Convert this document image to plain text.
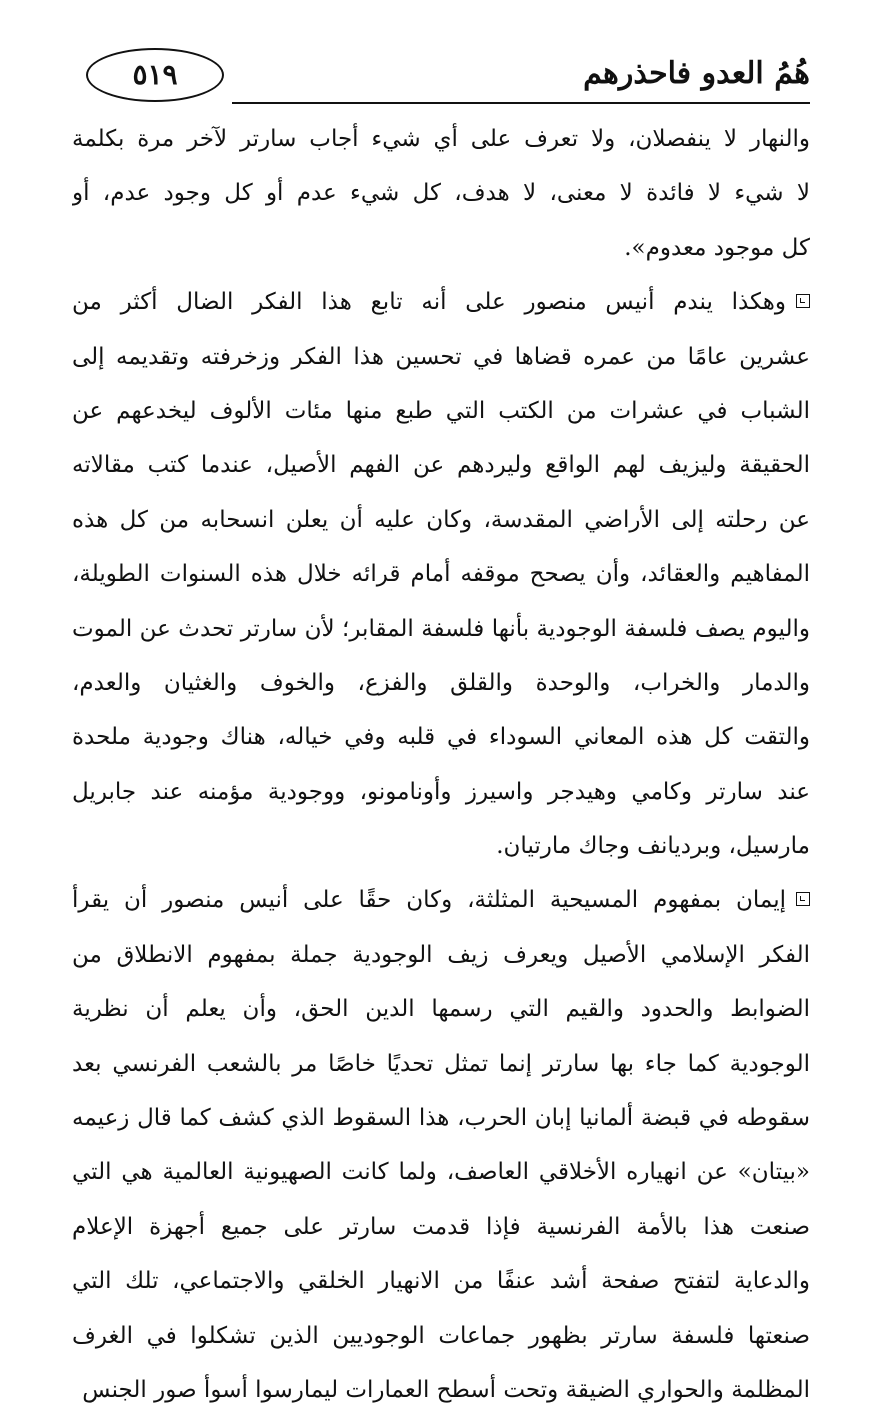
٥١٩	هُمُ العدو فاحذرهم
والنهار لا ينفصلان، ولا تعرف على أي شيء أجاب سارتر لآخر مرة بكلمة
لا شيء لا فائدة لا معنى، لا هدف، كل شيء عدم أو كل وجود عدم، أو
كل موجود معدوم».
وهكذا يندم أنيس منصور على أنه تابع هذا الفكر الضال أكثر من
عشرين عامًا من عمره قضاها في تحسين هذا الفكر وزخرفته وتقديمه إلى
الشباب في عشرات من الكتب التي طبع منها مئات الألوف ليخدعهم عن
الحقيقة وليزيف لهم الواقع وليردهم عن الفهم الأصيل، عندما كتب مقالاته
عن رحلته إلى الأراضي المقدسة، وكان عليه أن يعلن انسحابه من كل هذه
المفاهيم والعقائد، وأن يصحح موقفه أمام قرائه خلال هذه السنوات الطويلة،
واليوم يصف فلسفة الوجودية بأنها فلسفة المقابر؛ لأن سارتر تحدث عن الموت
والدمار والخراب، والوحدة والقلق والفزع، والخوف والغثيان والعدم،
والتقت كل هذه المعاني السوداء في قلبه وفي خياله، هناك وجودية ملحدة
عند سارتر وكامي وهيدجر واسيرز وأونامونو، ووجودية مؤمنه عند جابريل
مارسيل، وبرديانف وجاك مارتيان.
إيمان بمفهوم المسيحية المثلثة، وكان حقًا على أنيس منصور أن يقرأ
الفكر الإسلامي الأصيل ويعرف زيف الوجودية جملة بمفهوم الانطلاق من
الضوابط والحدود والقيم التي رسمها الدين الحق، وأن يعلم أن نظرية
الوجودية كما جاء بها سارتر إنما تمثل تحديًا خاصًا مر بالشعب الفرنسي بعد
سقوطه في قبضة ألمانيا إبان الحرب، هذا السقوط الذي كشف كما قال زعيمه
«بيتان» عن انهياره الأخلاقي العاصف، ولما كانت الصهيونية العالمية هي التي
صنعت هذا بالأمة الفرنسية فإذا قدمت سارتر على جميع أجهزة الإعلام
والدعاية لتفتح صفحة أشد عنفًا من الانهيار الخلقي والاجتماعي، تلك التي
صنعتها فلسفة سارتر بظهور جماعات الوجوديين الذين تشكلوا في الغرف
المظلمة والحواري الضيقة وتحت أسطح العمارات ليمارسوا أسوأ صور الجنس
